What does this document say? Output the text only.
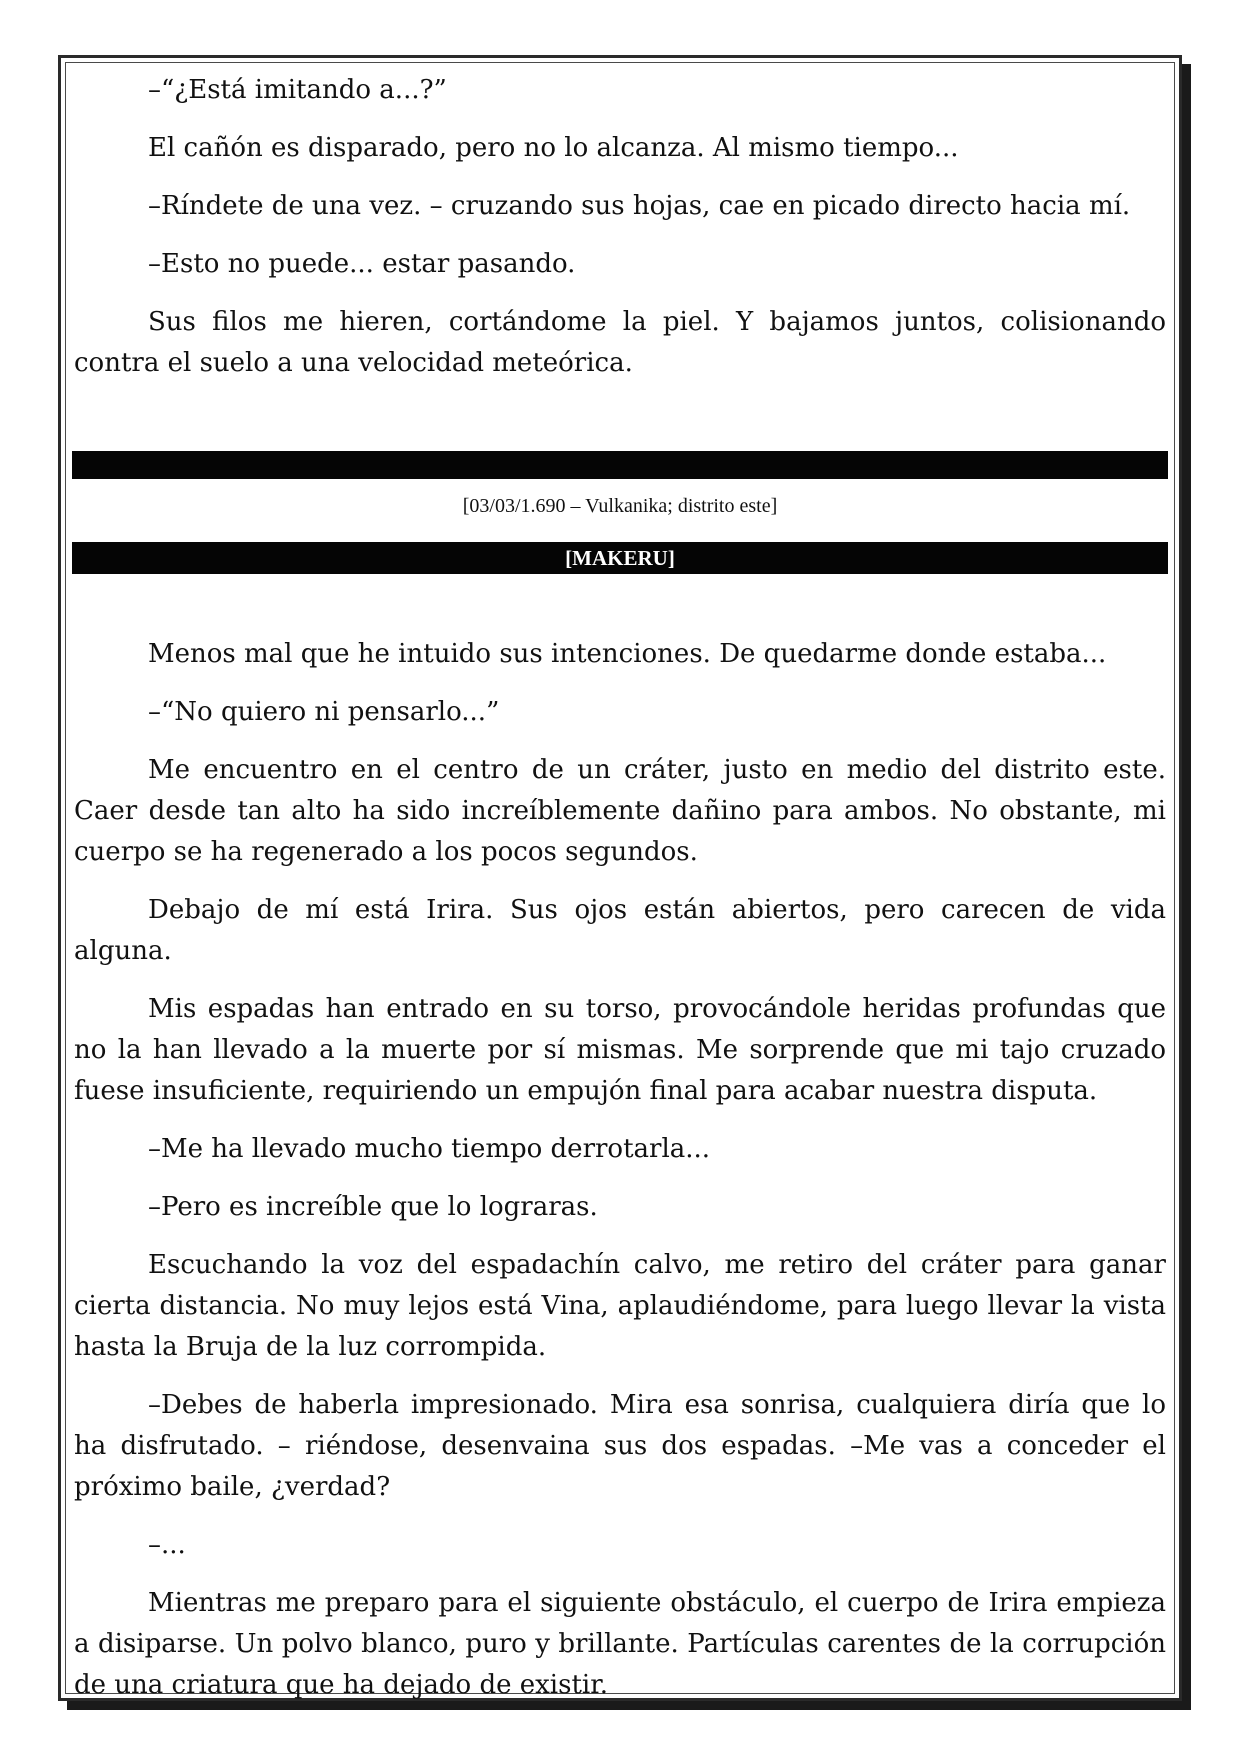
–“¿Está imitando a...?”

El cañón es disparado, pero no lo alcanza. Al mismo tiempo...

–Ríndete de una vez. – cruzando sus hojas, cae en picado directo hacia mí.

–Esto no puede... estar pasando.

Sus filos me hieren, cortándome la piel. Y bajamos juntos, colisionando contra el suelo a una velocidad meteórica.

[03/03/1.690 – Vulkanika; distrito este]
[MAKERU]

Menos mal que he intuido sus intenciones. De quedarme donde estaba...

–“No quiero ni pensarlo...”

Me encuentro en el centro de un cráter, justo en medio del distrito este. Caer desde tan alto ha sido increíblemente dañino para ambos. No obstante, mi cuerpo se ha regenerado a los pocos segundos.

Debajo de mí está Irira. Sus ojos están abiertos, pero carecen de vida alguna.

Mis espadas han entrado en su torso, provocándole heridas profundas que no la han llevado a la muerte por sí mismas. Me sorprende que mi tajo cruzado fuese insuficiente, requiriendo un empujón final para acabar nuestra disputa.

–Me ha llevado mucho tiempo derrotarla...

–Pero es increíble que lo lograras.

Escuchando la voz del espadachín calvo, me retiro del cráter para ganar cierta distancia. No muy lejos está Vina, aplaudiéndome, para luego llevar la vista hasta la Bruja de la luz corrompida.

–Debes de haberla impresionado. Mira esa sonrisa, cualquiera diría que lo ha disfrutado. – riéndose, desenvaina sus dos espadas. –Me vas a conceder el próximo baile, ¿verdad?

–...

Mientras me preparo para el siguiente obstáculo, el cuerpo de Irira empieza a disiparse. Un polvo blanco, puro y brillante. Partículas carentes de la corrupción de una criatura que ha dejado de existir.
